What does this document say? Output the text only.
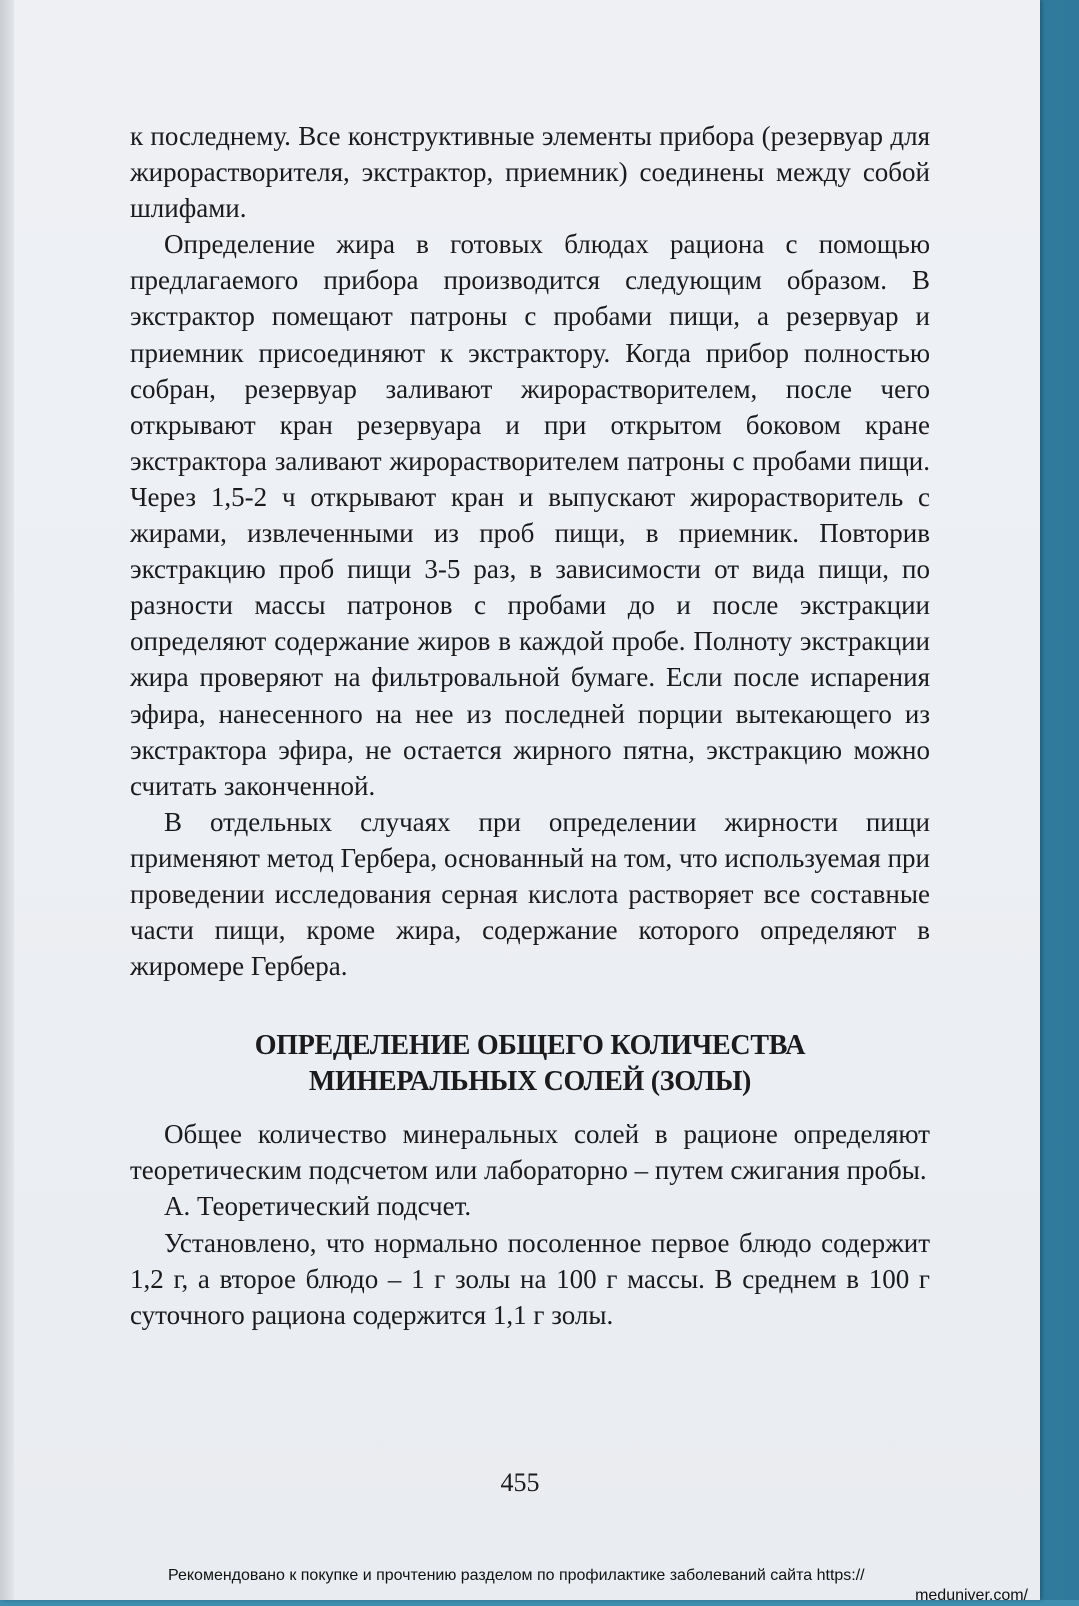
к последнему. Все конструктивные элементы прибора (резервуар для жирорастворителя, экстрактор, приемник) соединены между собой шлифами.

Определение жира в готовых блюдах рациона с помощью предлагаемого прибора производится следующим образом. В экстрактор помещают патроны с пробами пищи, а резервуар и приемник присоединяют к экстрактору. Когда прибор полностью собран, резервуар заливают жирорастворителем, после чего открывают кран резервуара и при открытом боковом кране экстрактора заливают жирорастворителем патроны с пробами пищи. Через 1,5-2 ч открывают кран и выпускают жирорастворитель с жирами, извлеченными из проб пищи, в приемник. Повторив экстракцию проб пищи 3-5 раз, в зависимости от вида пищи, по разности массы патронов с пробами до и после экстракции определяют содержание жиров в каждой пробе. Полноту экстракции жира проверяют на фильтровальной бумаге. Если после испарения эфира, нанесенного на нее из последней порции вытекающего из экстрактора эфира, не остается жирного пятна, экстракцию можно считать законченной.

В отдельных случаях при определении жирности пищи применяют метод Гербера, основанный на том, что используемая при проведении исследования серная кислота растворяет все составные части пищи, кроме жира, содержание которого определяют в жиромере Гербера.

ОПРЕДЕЛЕНИЕ ОБЩЕГО КОЛИЧЕСТВА
МИНЕРАЛЬНЫХ СОЛЕЙ (ЗОЛЫ)

Общее количество минеральных солей в рационе определяют теоретическим подсчетом или лабораторно – путем сжигания пробы.

А. Теоретический подсчет.

Установлено, что нормально посоленное первое блюдо содержит 1,2 г, а второе блюдо – 1 г золы на 100 г массы. В среднем в 100 г суточного рациона содержится 1,1 г золы.

455
Рекомендовано к покупке и прочтению разделом по профилактике заболеваний сайта https://
meduniver.com/
